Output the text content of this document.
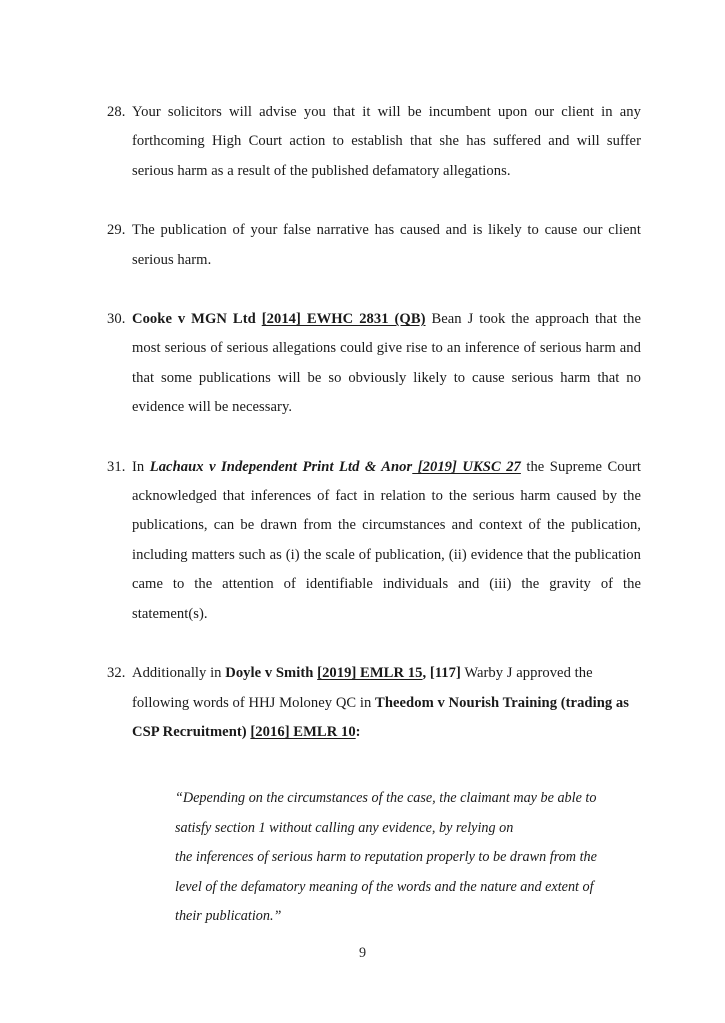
28. Your solicitors will advise you that it will be incumbent upon our client in any forthcoming High Court action to establish that she has suffered and will suffer serious harm as a result of the published defamatory allegations.
29. The publication of your false narrative has caused and is likely to cause our client serious harm.
30. Cooke v MGN Ltd [2014] EWHC 2831 (QB) Bean J took the approach that the most serious of serious allegations could give rise to an inference of serious harm and that some publications will be so obviously likely to cause serious harm that no evidence will be necessary.
31. In Lachaux v Independent Print Ltd & Anor [2019] UKSC 27 the Supreme Court acknowledged that inferences of fact in relation to the serious harm caused by the publications, can be drawn from the circumstances and context of the publication, including matters such as (i) the scale of publication, (ii) evidence that the publication came to the attention of identifiable individuals and (iii) the gravity of the statement(s).
32. Additionally in Doyle v Smith [2019] EMLR 15, [117] Warby J approved the following words of HHJ Moloney QC in Theedom v Nourish Training (trading as CSP Recruitment) [2016] EMLR 10:
“Depending on the circumstances of the case, the claimant may be able to
satisfy section 1 without calling any evidence, by relying on
the inferences of serious harm to reputation properly to be drawn from the
level of the defamatory meaning of the words and the nature and extent of
their publication.”
9
